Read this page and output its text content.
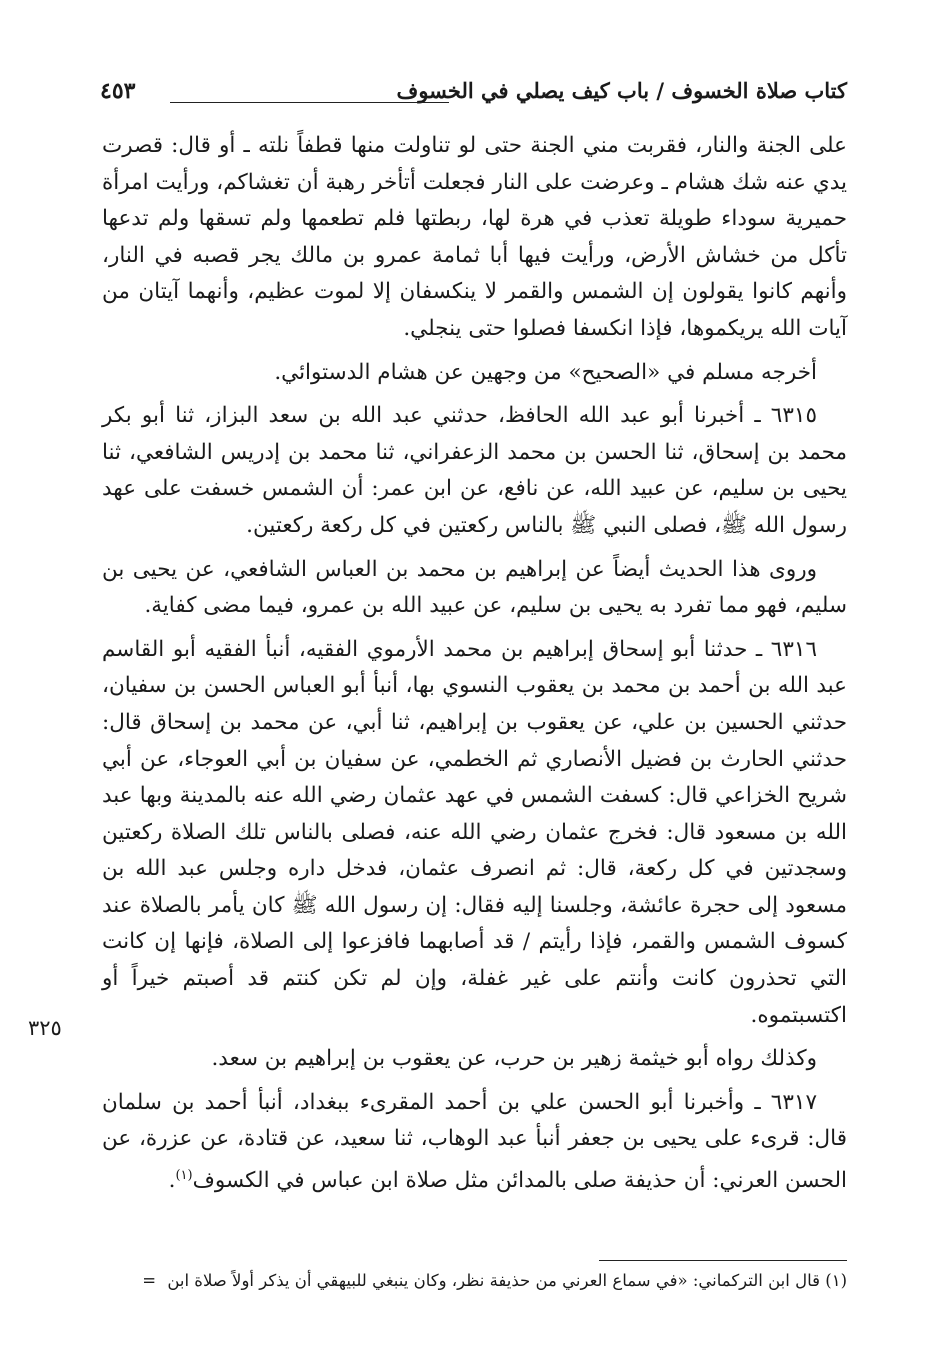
كتاب صلاة الخسوف / باب كيف يصلي في الخسوف
٤٥٣

على الجنة والنار، فقربت مني الجنة حتى لو تناولت منها قطفاً نلته ـ أو قال: قصرت يدي عنه شك هشام ـ وعرضت على النار فجعلت أتأخر رهبة أن تغشاكم، ورأيت امرأة حميرية سوداء طويلة تعذب في هرة لها، ربطتها فلم تطعمها ولم تسقها ولم تدعها تأكل من خشاش الأرض، ورأيت فيها أبا ثمامة عمرو بن مالك يجر قصبه في النار، وأنهم كانوا يقولون إن الشمس والقمر لا ينكسفان إلا لموت عظيم، وأنهما آيتان من آيات الله يريكموها، فإذا انكسفا فصلوا حتى ينجلي.

أخرجه مسلم في «الصحيح» من وجهين عن هشام الدستوائي.

٦٣١٥ ـ أخبرنا أبو عبد الله الحافظ، حدثني عبد الله بن سعد البزاز، ثنا أبو بكر محمد بن إسحاق، ثنا الحسن بن محمد الزعفراني، ثنا محمد بن إدريس الشافعي، ثنا يحيى بن سليم، عن عبيد الله، عن نافع، عن ابن عمر: أن الشمس خسفت على عهد رسول الله ﷺ، فصلى النبي ﷺ بالناس ركعتين في كل ركعة ركعتين.

وروى هذا الحديث أيضاً عن إبراهيم بن محمد بن العباس الشافعي، عن يحيى بن سليم، فهو مما تفرد به يحيى بن سليم، عن عبيد الله بن عمرو، فيما مضى كفاية.

٦٣١٦ ـ حدثنا أبو إسحاق إبراهيم بن محمد الأرموي الفقيه، أنبأ الفقيه أبو القاسم عبد الله بن أحمد بن محمد بن يعقوب النسوي بها، أنبأ أبو العباس الحسن بن سفيان، حدثني الحسين بن علي، عن يعقوب بن إبراهيم، ثنا أبي، عن محمد بن إسحاق قال: حدثني الحارث بن فضيل الأنصاري ثم الخطمي، عن سفيان بن أبي العوجاء، عن أبي شريح الخزاعي قال: كسفت الشمس في عهد عثمان رضي الله عنه بالمدينة وبها عبد الله بن مسعود قال: فخرج عثمان رضي الله عنه، فصلى بالناس تلك الصلاة ركعتين وسجدتين في كل ركعة، قال: ثم انصرف عثمان، فدخل داره وجلس عبد الله بن مسعود إلى حجرة عائشة، وجلسنا إليه فقال: إن رسول الله ﷺ كان يأمر بالصلاة عند كسوف الشمس والقمر، فإذا رأيتم / قد أصابهما فافزعوا إلى الصلاة، فإنها إن كانت التي تحذرون كانت وأنتم على غير غفلة، وإن لم تكن كنتم قد أصبتم خيراً أو اكتسبتموه.

وكذلك رواه أبو خيثمة زهير بن حرب، عن يعقوب بن إبراهيم بن سعد.

٦٣١٧ ـ وأخبرنا أبو الحسن علي بن أحمد المقرىء ببغداد، أنبأ أحمد بن سلمان قال: قرىء على يحيى بن جعفر أنبأ عبد الوهاب، ثنا سعيد، عن قتادة، عن عزرة، عن الحسن العرني: أن حذيفة صلى بالمدائن مثل صلاة ابن عباس في الكسوف$^{(١)}$.

٣٢٥
(١) قال ابن التركماني: «في سماع العرني من حذيفة نظر، وكان ينبغي للبيهقي أن يذكر أولاً صلاة ابن =
